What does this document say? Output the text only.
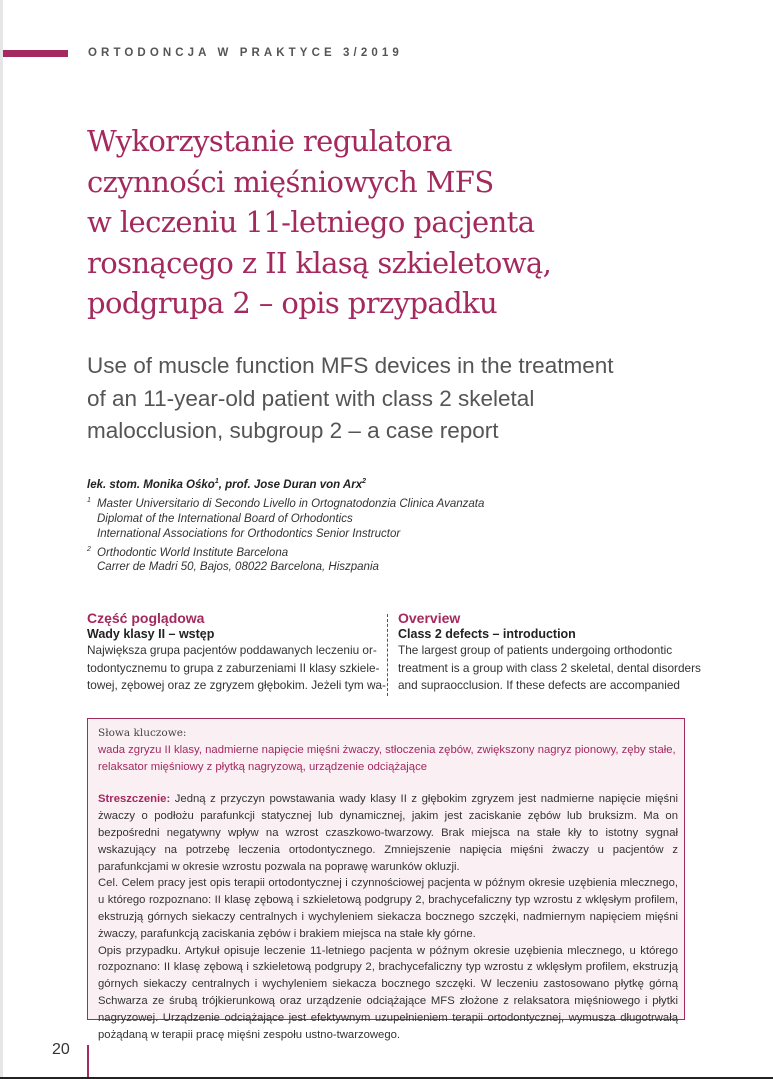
ORTODONCJA W PRAKTYCE 3/2019
Wykorzystanie regulatora
czynności mięśniowych MFS
w leczeniu 11-letniego pacjenta
rosnącego z II klasą szkieletową,
podgrupa 2 – opis przypadku
Use of muscle function MFS devices in the treatment
of an 11-year-old patient with class 2 skeletal
malocclusion, subgroup 2 – a case report
lek. stom. Monika Ośko$^1$, prof. Jose Duran von Arx$^2$
$^1$ Master Universitario di Secondo Livello in Ortognatodonzia Clinica Avanzata
Diplomat of the International Board of Orhodontics
International Associations for Orthodontics Senior Instructor
$^2$ Orthodontic World Institute Barcelona
Carrer de Madri 50, Bajos, 08022 Barcelona, Hiszpania
Część poglądowa
Wady klasy II – wstęp

Największa grupa pacjentów poddawanych leczeniu or-

todontycznemu to grupa z zaburzeniami II klasy szkiele-

towej, zębowej oraz ze zgryzem głębokim. Jeżeli tym wa-

Overview
Class 2 defects – introduction

The largest group of patients undergoing orthodontic

treatment is a group with class 2 skeletal, dental disorders

and supraocclusion. If these defects are accompanied

Słowa kluczowe:
wada zgryzu II klasy, nadmierne napięcie mięśni żwaczy, stłoczenia zębów, zwiększony nagryz pionowy, zęby stałe, relaksator mięśniowy z płytką nagryzową, urządzenie odciążające

Streszczenie: Jedną z przyczyn powstawania wady klasy II z głębokim zgryzem jest nadmierne napięcie mięśni żwaczy o podłożu parafunkcji statycznej lub dynamicznej, jakim jest zaciskanie zębów lub bruksizm. Ma on bezpośredni negatywny wpływ na wzrost czaszkowo-twarzowy. Brak miejsca na stałe kły to istotny sygnał wskazujący na potrzebę leczenia ortodontycznego. Zmniejszenie napięcia mięśni żwaczy u pacjentów z parafunkcjami w okresie wzrostu pozwala na poprawę warunków okluzji.

Cel. Celem pracy jest opis terapii ortodontycznej i czynnościowej pacjenta w późnym okresie uzębienia mlecznego, u którego rozpoznano: II klasę zębową i szkieletową podgrupy 2, brachycefaliczny typ wzrostu z wklęsłym profilem, ekstruzją górnych siekaczy centralnych i wychyleniem siekacza bocznego szczęki, nadmiernym napięciem mięśni żwaczy, parafunkcją zaciskania zębów i brakiem miejsca na stałe kły górne.

Opis przypadku. Artykuł opisuje leczenie 11-letniego pacjenta w późnym okresie uzębienia mlecznego, u którego rozpoznano: II klasę zębową i szkieletową podgrupy 2, brachycefaliczny typ wzrostu z wklęsłym profilem, ekstruzją górnych siekaczy centralnych i wychyleniem siekacza bocznego szczęki. W leczeniu zastosowano płytkę górną Schwarza ze śrubą trójkierunkową oraz urządzenie odciążające MFS złożone z relaksatora mięśniowego i płytki nagryzowej. Urządzenie odciążające jest efektywnym uzupełnieniem terapii ortodontycznej, wymusza długotrwałą pożądaną w terapii pracę mięśni zespołu ustno-twarzowego.

20
